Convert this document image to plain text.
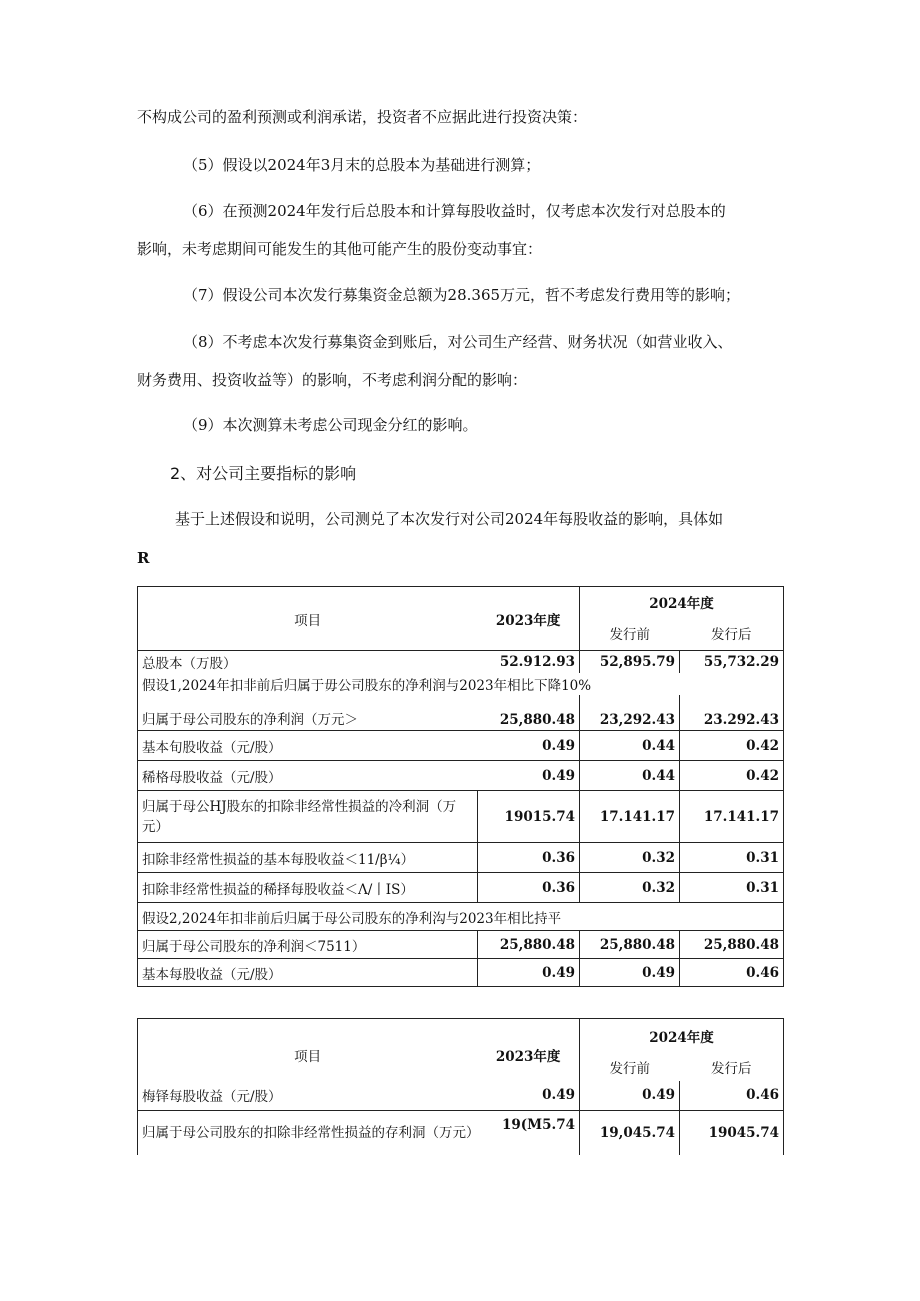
不构成公司的盈利预测或利润承诺，投资者不应据此进行投资决策：
（5）假设以2024年3月末的总股本为基础进行测算；
（6）在预测2024年发行后总股本和计算每股收益时，仅考虑本次发行对总股本的
影响，未考虑期间可能发生的其他可能产生的股份变动事宜：
（7）假设公司本次发行募集资金总额为28.365万元，哲不考虑发行费用等的影响；
（8）不考虑本次发行募集资金到账后，对公司生产经营、财务状况（如营业收入、
财务费用、投资收益等）的影响，不考虑利润分配的影响：
（9）本次测算未考虑公司现金分红的影响。
2、对公司主要指标的影响
基于上述假设和说明，公司测兑了本次发行对公司2024年每股收益的影响，具体如
R
项目 2023年度		2024年度	
		发行前	发行后
总股本（万股）	52.912.93	52,895.79	55,732.29
假设1,2024年扣非前后归属于毋公司股东的净利润与2023年相比下降10%			
归属于母公司股东的净利润（万元＞	25,880.48	23,292.43	23.292.43
基本旬股收益（元/股）	0.49	0.44	0.42
稀格母股收益（元/股）	0.49	0.44	0.42
归属于母公HJ股东的扣除非经常性损益的冷利洞（万元）	19015.74	17.141.17	17.141.17
扣除非经常性损益的基本每股收益＜11/β¼）	0.36	0.32	0.31
扣除非经常性损益的稀择每股收益＜Λ/丨IS）	0.36	0.32	0.31
假设2,2024年扣非前后归属于母公司股东的净利沟与2023年相比持平			
归属于母公司股东的净利润＜7511）	25,880.48	25,880.48	25,880.48
基本每股收益（元/股）	0.49	0.49	0.46
项目 2023年度		2024年度	
		发行前	发行后
梅铎每股收益（元/股）	0.49	0.49	0.46
归属于母公司股东的扣除非经常性损益的存利洞（万元）	19(M5.74	19,045.74	19045.74
